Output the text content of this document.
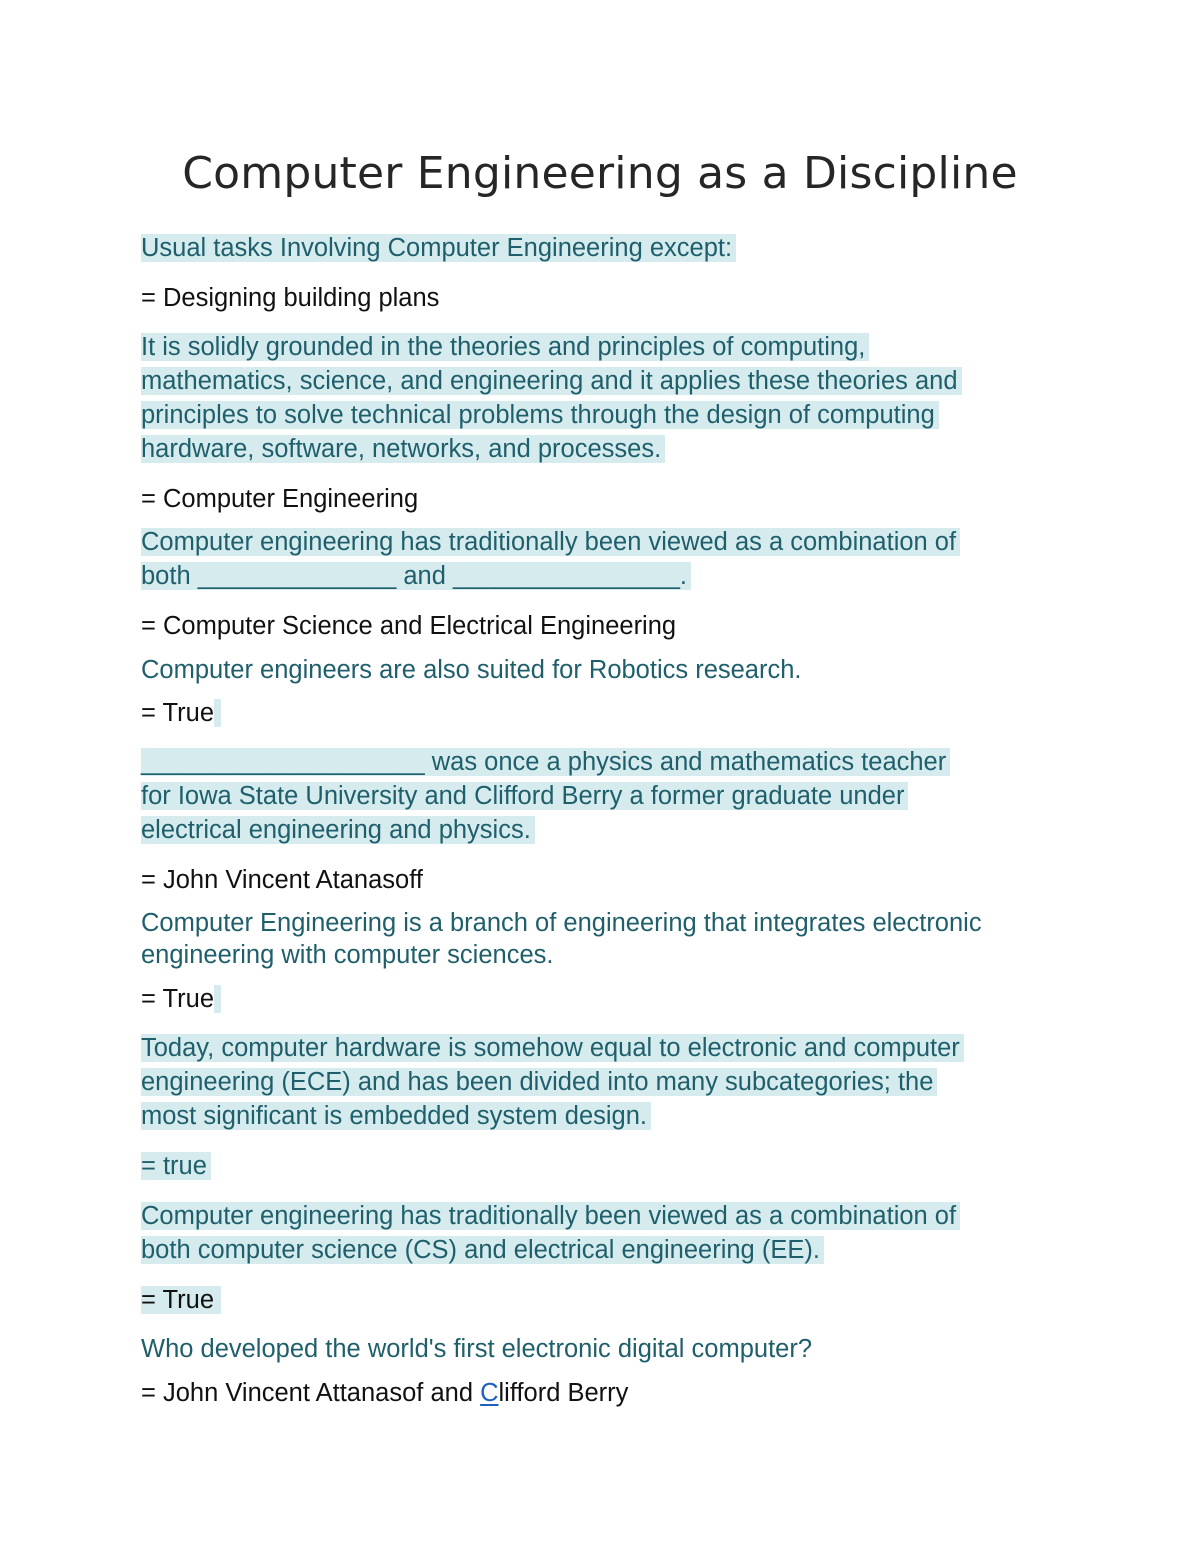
Computer Engineering as a Discipline

Usual tasks Involving Computer Engineering except:

= Designing building plans

It is solidly grounded in the theories and principles of computing,
mathematics, science, and engineering and it applies these theories and
principles to solve technical problems through the design of computing
hardware, software, networks, and processes.

= Computer Engineering

Computer engineering has traditionally been viewed as a combination of
both ______________ and ________________.

= Computer Science and Electrical Engineering

Computer engineers are also suited for Robotics research.

= True

____________________ was once a physics and mathematics teacher
for Iowa State University and Clifford Berry a former graduate under
electrical engineering and physics.

= John Vincent Atanasoff

Computer Engineering is a branch of engineering that integrates electronic
engineering with computer sciences.

= True

Today, computer hardware is somehow equal to electronic and computer
engineering (ECE) and has been divided into many subcategories; the
most significant is embedded system design.

= true

Computer engineering has traditionally been viewed as a combination of
both computer science (CS) and electrical engineering (EE).

= True

Who developed the world's first electronic digital computer?

= John Vincent Attanasof and Clifford Berry
